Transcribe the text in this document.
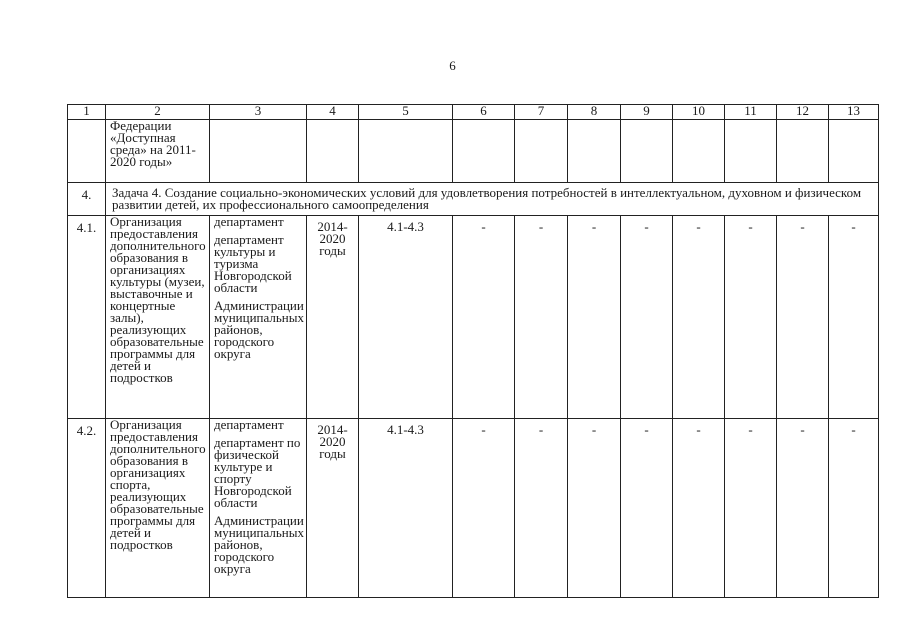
6
1	2	3	4	5	6	7	8	9	10	11	12	13
	Федерации «Доступная среда» на 2011-2020 годы»											
4.	Задача 4. Создание социально-экономических условий для удовлетворения потребностей в интеллектуальном, духовном и физическом развитии детей, их профессионального самоопределения											
4.1.	Организация предоставления дополнительного образования в организациях культуры (музеи, выставочные и концертные залы), реализующих образовательные программы для детей и подростков	департамент
департамент культуры и туризма Новгородской области
Администрации муниципальных районов, городского округа	2014-2020 годы	4.1-4.3	-	-	-	-	-	-	-	-
4.2.	Организация предоставления дополнительного образования в организациях спорта, реализующих образовательные программы для детей и подростков	департамент
департамент по физической культуре и спорту Новгородской области
Администрации муниципальных районов, городского округа	2014-2020 годы	4.1-4.3	-	-	-	-	-	-	-	-
